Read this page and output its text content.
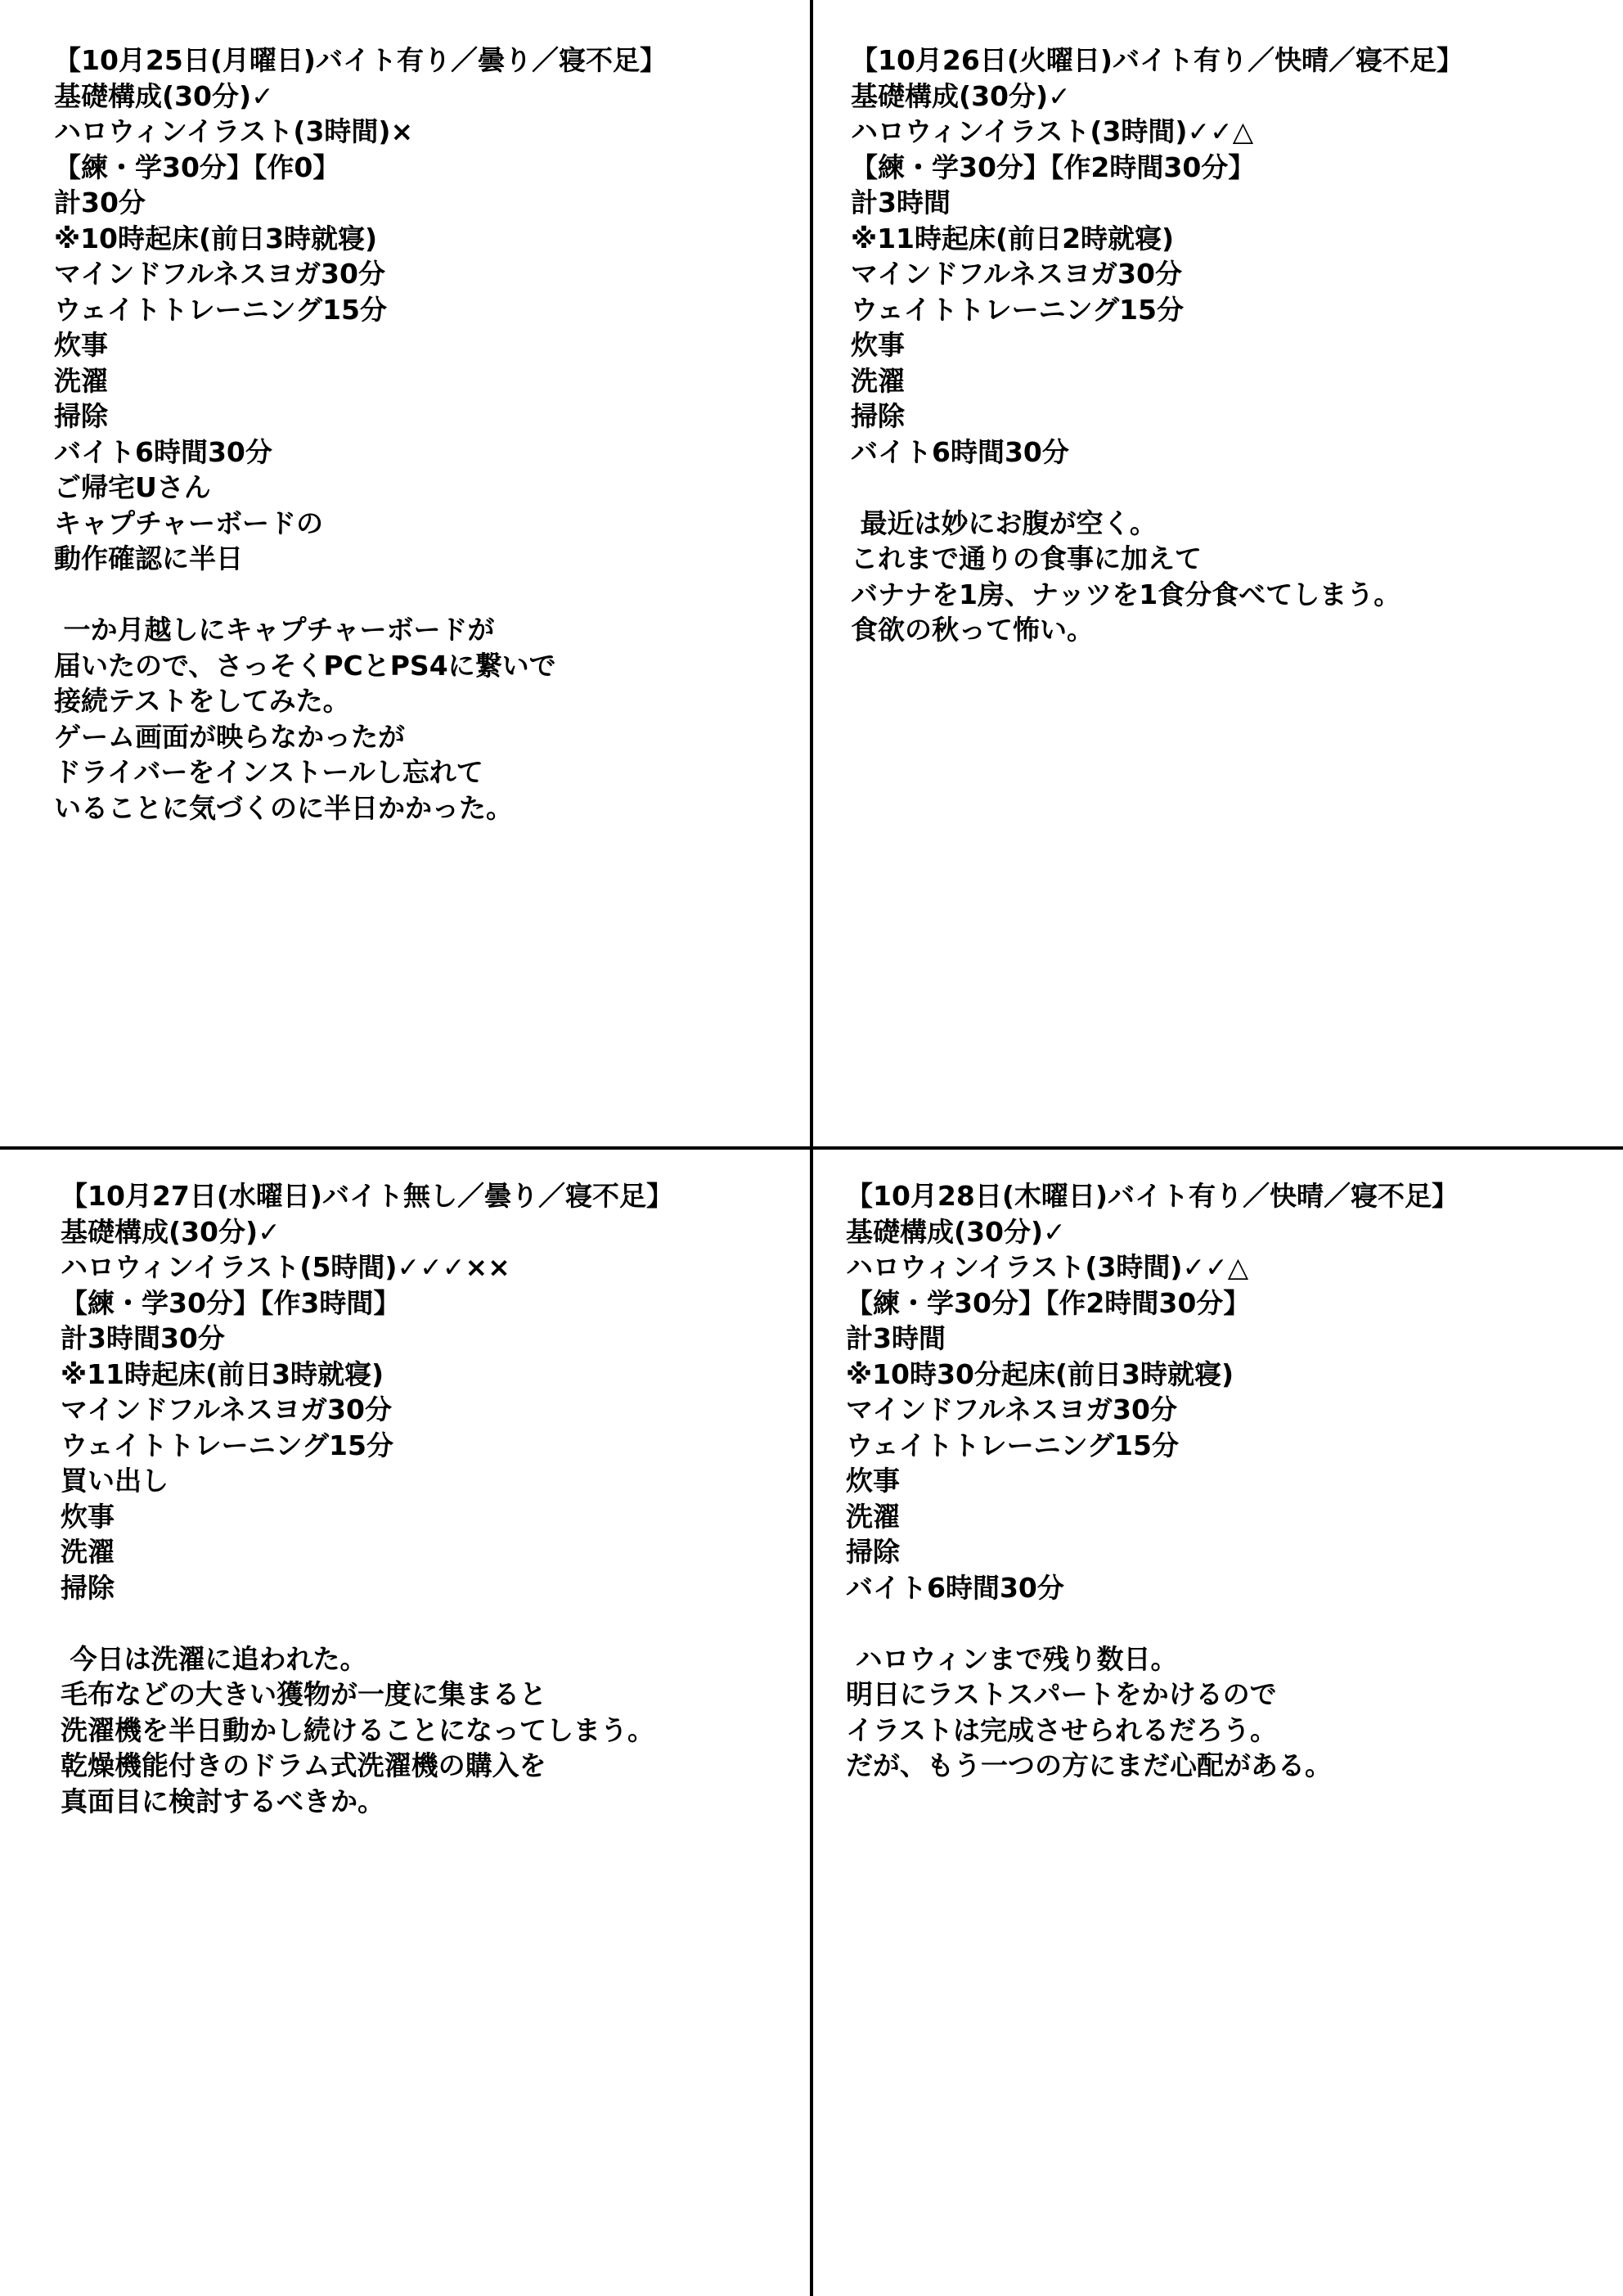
【10月25日(月曜日)バイト有り／曇り／寝不足】
基礎構成(30分)✓
ハロウィンイラスト(3時間)×
【練・学30分】【作0】
計30分
※10時起床(前日3時就寝)
マインドフルネスヨガ30分
ウェイトトレーニング15分
炊事
洗濯
掃除
バイト6時間30分
ご帰宅Uさん
キャプチャーボードの
動作確認に半日
一か月越しにキャプチャーボードが
届いたので、さっそくPCとPS4に繋いで
接続テストをしてみた。
ゲーム画面が映らなかったが
ドライバーをインストールし忘れて
いることに気づくのに半日かかった。
【10月26日(火曜日)バイト有り／快晴／寝不足】
基礎構成(30分)✓
ハロウィンイラスト(3時間)✓✓△
【練・学30分】【作2時間30分】
計3時間
※11時起床(前日2時就寝)
マインドフルネスヨガ30分
ウェイトトレーニング15分
炊事
洗濯
掃除
バイト6時間30分
最近は妙にお腹が空く。
これまで通りの食事に加えて
バナナを1房、ナッツを1食分食べてしまう。
食欲の秋って怖い。
【10月27日(水曜日)バイト無し／曇り／寝不足】
基礎構成(30分)✓
ハロウィンイラスト(5時間)✓✓✓××
【練・学30分】【作3時間】
計3時間30分
※11時起床(前日3時就寝)
マインドフルネスヨガ30分
ウェイトトレーニング15分
買い出し
炊事
洗濯
掃除
今日は洗濯に追われた。
毛布などの大きい獲物が一度に集まると
洗濯機を半日動かし続けることになってしまう。
乾燥機能付きのドラム式洗濯機の購入を
真面目に検討するべきか。
【10月28日(木曜日)バイト有り／快晴／寝不足】
基礎構成(30分)✓
ハロウィンイラスト(3時間)✓✓△
【練・学30分】【作2時間30分】
計3時間
※10時30分起床(前日3時就寝)
マインドフルネスヨガ30分
ウェイトトレーニング15分
炊事
洗濯
掃除
バイト6時間30分
ハロウィンまで残り数日。
明日にラストスパートをかけるので
イラストは完成させられるだろう。
だが、もう一つの方にまだ心配がある。
